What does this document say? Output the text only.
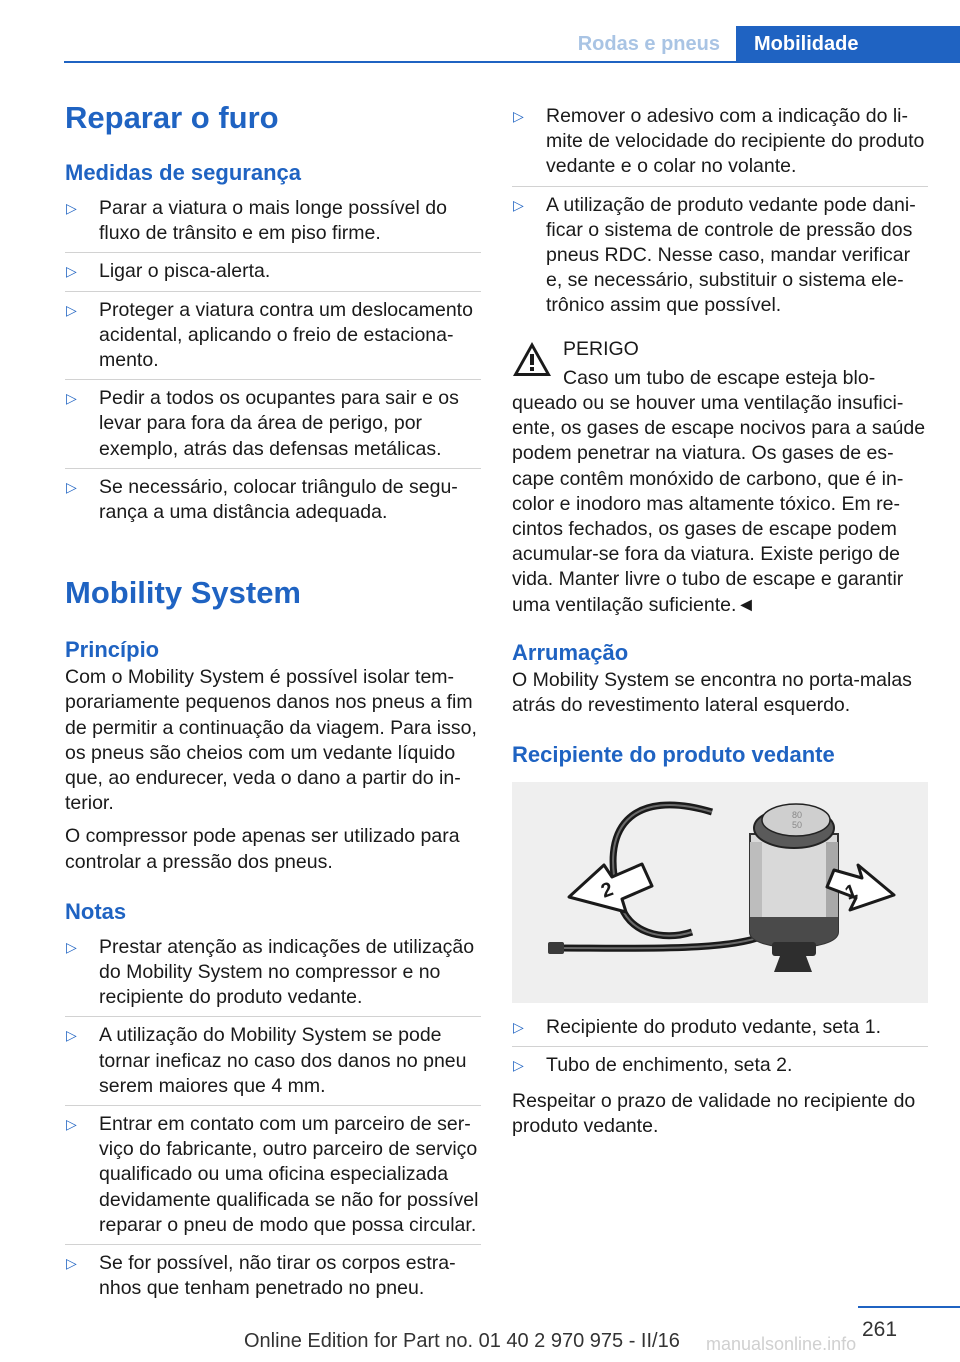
Rodas e pneus	Mobilidade
Reparar o furo
Medidas de segurança
▷	Parar a viatura o mais longe possível do fluxo de trânsito e em piso firme.
▷	Ligar o pisca-alerta.
▷	Proteger a viatura contra um deslocamento acidental, aplicando o freio de estacionamento.
▷	Pedir a todos os ocupantes para sair e os levar para fora da área de perigo, por exemplo, atrás das defensas metálicas.
▷	Se necessário, colocar triângulo de segurança a uma distância adequada.
Mobility System
Princípio

Com o Mobility System é possível isolar temporariamente pequenos danos nos pneus a fim de permitir a continuação da viagem. Para isso, os pneus são cheios com um vedante líquido que, ao endurecer, veda o dano a partir do interior.

O compressor pode apenas ser utilizado para controlar a pressão dos pneus.

Notas
▷	Prestar atenção as indicações de utilização do Mobility System no compressor e no recipiente do produto vedante.
▷	A utilização do Mobility System se pode tornar ineficaz no caso dos danos no pneu serem maiores que 4 mm.
▷	Entrar em contato com um parceiro de serviço do fabricante, outro parceiro de serviço qualificado ou uma oficina especializada devidamente qualificada se não for possível reparar o pneu de modo que possa circular.
▷	Se for possível, não tirar os corpos estranhos que tenham penetrado no pneu.
▷	Remover o adesivo com a indicação do limite de velocidade do recipiente do produto vedante e o colar no volante.
▷	A utilização de produto vedante pode danificar o sistema de controle de pressão dos pneus RDC. Nesse caso, mandar verificar e, se necessário, substituir o sistema eletrônico assim que possível.
PERIGO

Caso um tubo de escape esteja bloqueado ou se houver uma ventilação insuficiente, os gases de escape nocivos para a saúde podem penetrar na viatura. Os gases de escape contêm monóxido de carbono, que é incolor e inodoro mas altamente tóxico. Em recintos fechados, os gases de escape podem acumular-se fora da viatura. Existe perigo de vida. Manter livre o tubo de escape e garantir uma ventilação suficiente.◄

Arrumação

O Mobility System se encontra no porta-malas atrás do revestimento lateral esquerdo.

Recipiente do produto vedante
80
50
2	1
▷	Recipiente do produto vedante, seta 1.
▷	Tubo de enchimento, seta 2.

Respeitar o prazo de validade no recipiente do produto vedante.

261
Online Edition for Part no. 01 40 2 970 975 - II/16 manualsonline.info
